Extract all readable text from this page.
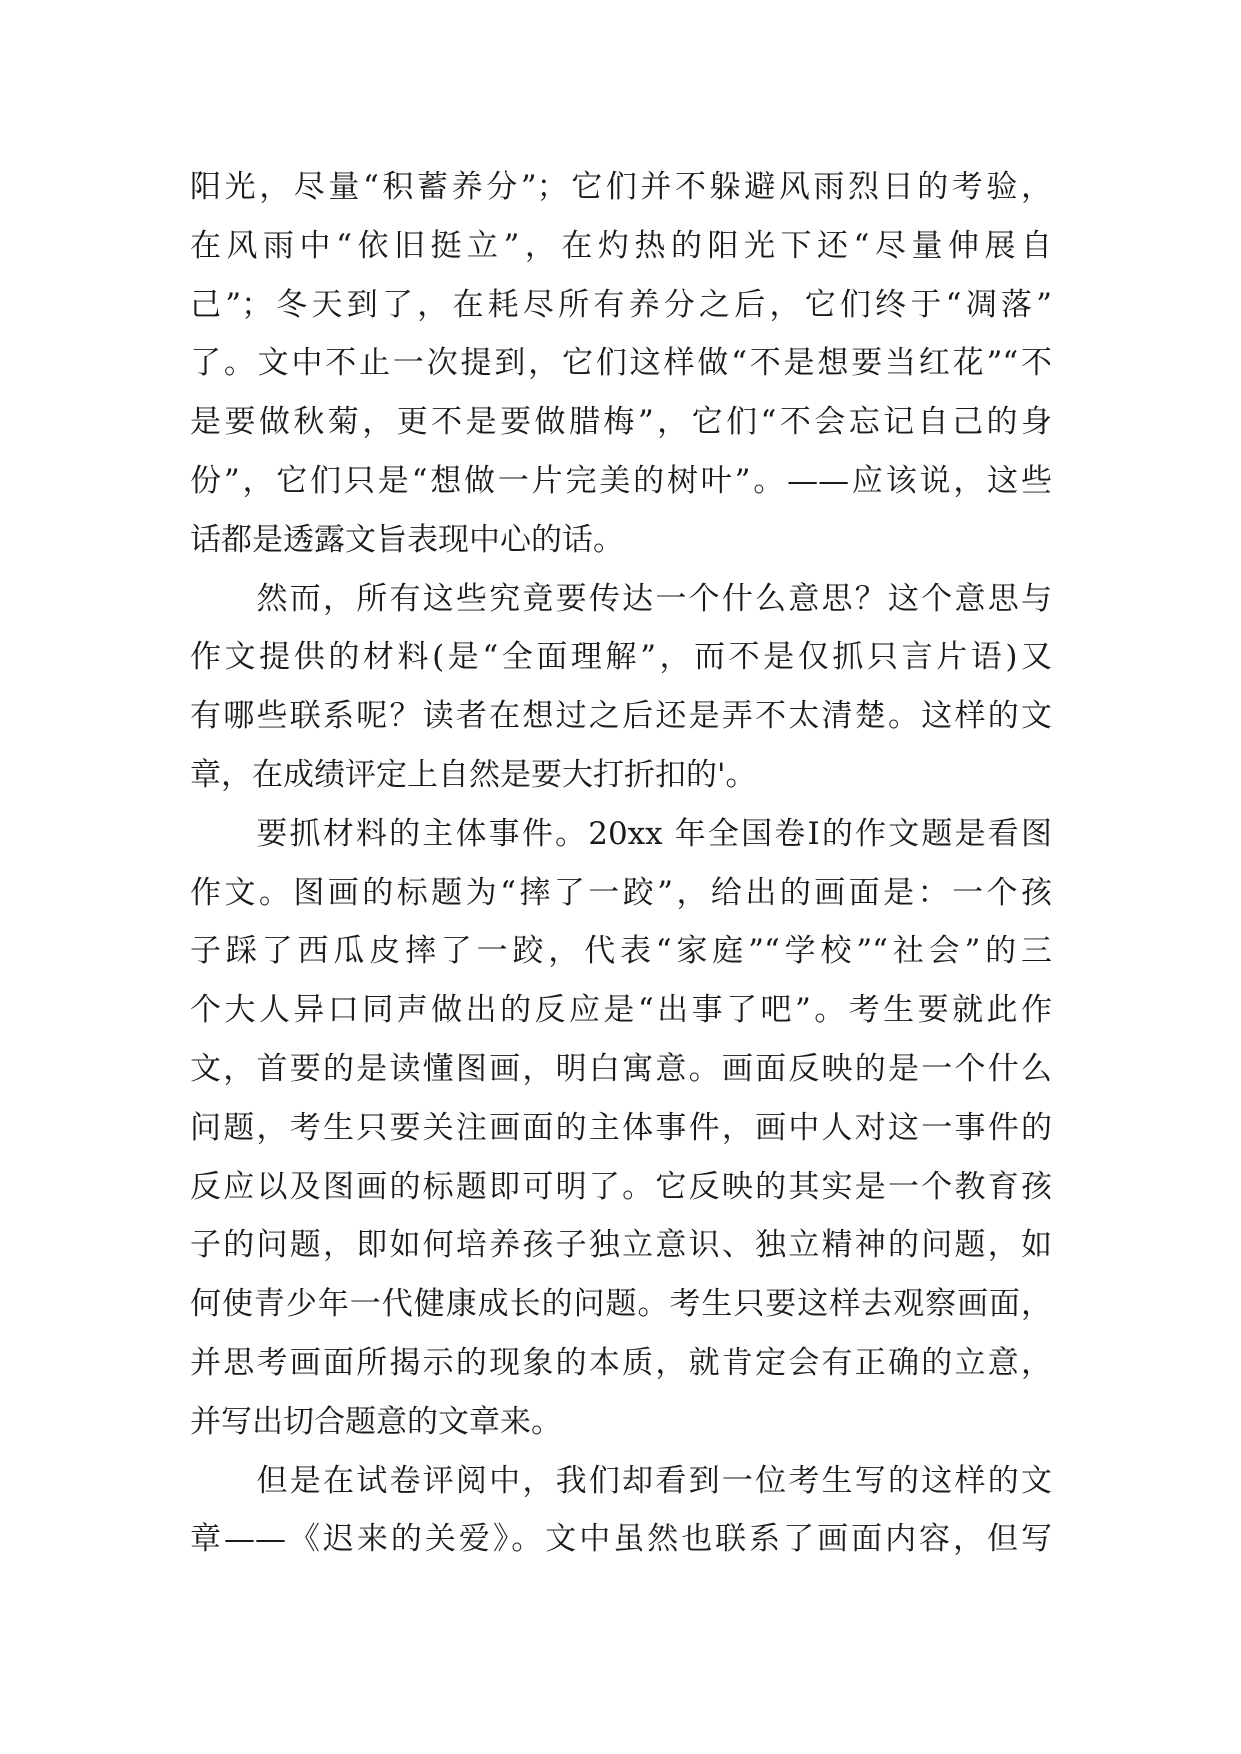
阳光，尽量“积蓄养分”；它们并不躲避风雨烈日的考验，
在风雨中“依旧挺立”，在灼热的阳光下还“尽量伸展自
己”；冬天到了，在耗尽所有养分之后，它们终于“凋落”
了。文中不止一次提到，它们这样做“不是想要当红花”“不
是要做秋菊，更不是要做腊梅”，它们“不会忘记自己的身
份”，它们只是“想做一片完美的树叶”。——应该说，这些
话都是透露文旨表现中心的话。
　　然而，所有这些究竟要传达一个什么意思？这个意思与
作文提供的材料(是“全面理解”，而不是仅抓只言片语)又
有哪些联系呢？读者在想过之后还是弄不太清楚。这样的文
章，在成绩评定上自然是要大打折扣的'。
　　要抓材料的主体事件。20xx 年全国卷Ⅰ的作文题是看图
作文。图画的标题为“摔了一跤”，给出的画面是：一个孩
子踩了西瓜皮摔了一跤，代表“家庭”“学校”“社会”的三
个大人异口同声做出的反应是“出事了吧”。考生要就此作
文，首要的是读懂图画，明白寓意。画面反映的是一个什么
问题，考生只要关注画面的主体事件，画中人对这一事件的
反应以及图画的标题即可明了。它反映的其实是一个教育孩
子的问题，即如何培养孩子独立意识、独立精神的问题，如
何使青少年一代健康成长的问题。考生只要这样去观察画面，
并思考画面所揭示的现象的本质，就肯定会有正确的立意，
并写出切合题意的文章来。
　　但是在试卷评阅中，我们却看到一位考生写的这样的文
章——《迟来的关爱》。文中虽然也联系了画面内容，但写
